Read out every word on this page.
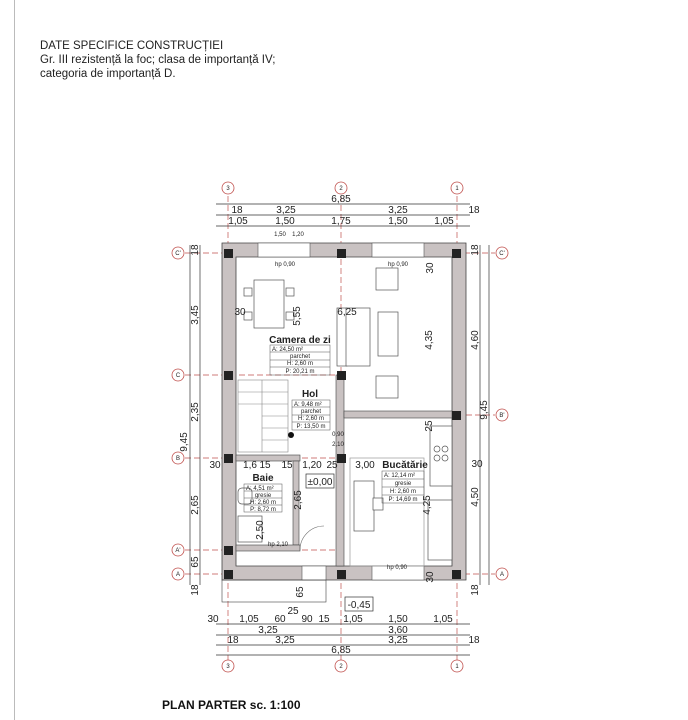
DATE SPECIFICE CONSTRUCȚIEI
Gr. III rezistență la foc; clasa de importanță IV;
categoria de importanță D.
3	2	1
3	2	1
C'
C
B
A'
A
C'
B'
A
6,85
18	3,25	3,25	18
1,05	1,50	1,75	1,50	1,05
1,50 1,20
hp 0,90	hp 0,90
18
3,45
9,45
2,35
2,65
65
18
18
4,60
9,45
4,50
18
4,35
30
30
30
30	5,55	6,25
25
0,90
2,10
30 1,6 15 15 1,20 25 3,00
2,65
2,50
4,25
65
hp 2,10
hp 0,90
Camera de zi
A: 24,50 m²
parchet
H: 2,60 m
P: 20,21 m
Hol
A: 9,48 m²
parchet
H: 2,60 m
P: 13,50 m
Baie
A: 4,51 m²
gresie
H: 2,60 m
P: 8,72 m
Bucătărie
A: 12,14 m²
gresie
H: 2,60 m
P: 14,69 m
±0,00
-0,45
25
30 1,05 60 90 15 1,05	1,50	1,05
3,25	3,60
18	3,25	3,25	18
6,85
PLAN PARTER sc. 1:100
